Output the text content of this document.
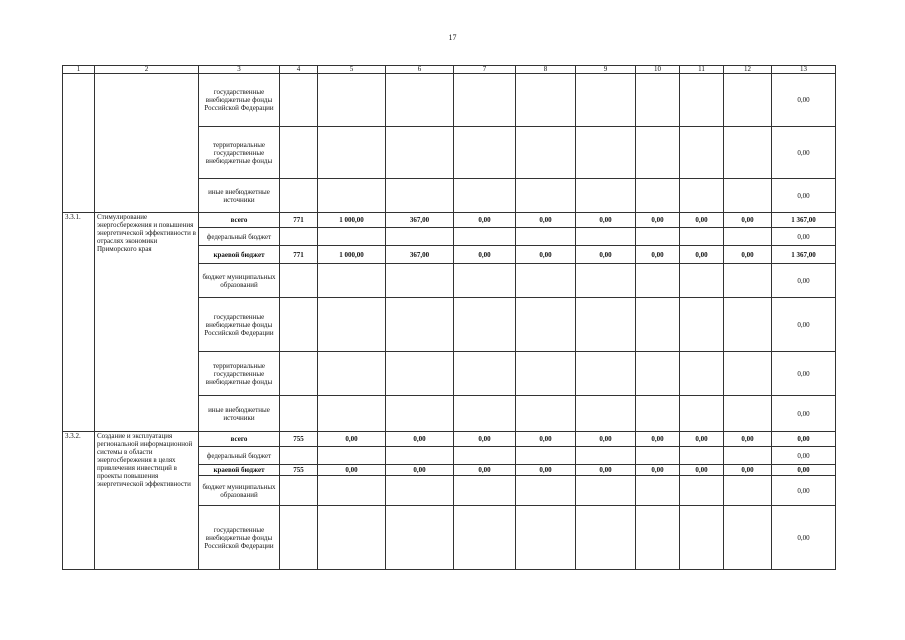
17
1	2	3	4	5	6	7	8	9	10	11	12	13
		государственные внебюджетные фонды Российской Федерации										0,00
		территориальные государственные внебюджетные фонды										0,00
		иные внебюджетные источники										0,00
3.3.1.	Стимулирование энергосбережения и повышения энергетической эффективности в отраслях экономики Приморского края	всего	771	1 000,00	367,00	0,00	0,00	0,00	0,00	0,00	0,00	1 367,00
		федеральный бюджет										0,00
		краевой бюджет	771	1 000,00	367,00	0,00	0,00	0,00	0,00	0,00	0,00	1 367,00
		бюджет муниципальных образований										0,00
		государственные внебюджетные фонды Российской Федерации										0,00
		территориальные государственные внебюджетные фонды										0,00
		иные внебюджетные источники										0,00
3.3.2.	Создание и эксплуатация региональной информационной системы в области энергосбережения в целях привлечения инвестиций в проекты повышения энергетической эффективности	всего	755	0,00	0,00	0,00	0,00	0,00	0,00	0,00	0,00	0,00
		федеральный бюджет										0,00
		краевой бюджет	755	0,00	0,00	0,00	0,00	0,00	0,00	0,00	0,00	0,00
		бюджет муниципальных образований										0,00
		государственные внебюджетные фонды Российской Федерации										0,00
